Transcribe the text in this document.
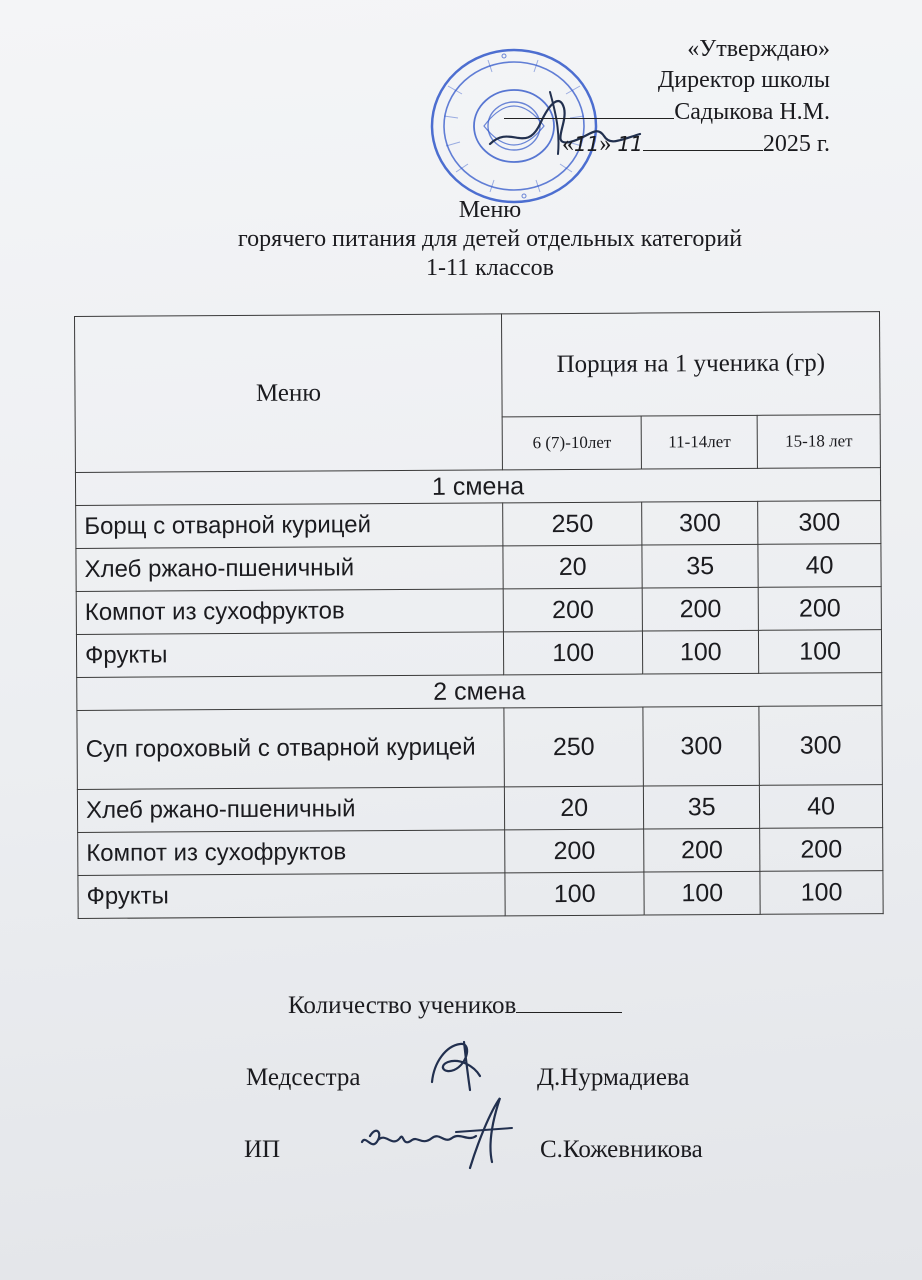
«Утверждаю»
Директор школы
Садыкова Н.М.
«11» 11	2025 г.
Меню
горячего питания для детей отдельных категорий
1-11 классов
Меню	Порция на 1 ученика (гр)		
	6 (7)-10лет	11-14лет	15-18 лет
1 смена			
Борщ с отварной курицей	250	300	300
Хлеб ржано-пшеничный	20	35	40
Компот из сухофруктов	200	200	200
Фрукты	100	100	100
2 смена			
Суп гороховый с отварной курицей	250	300	300
Хлеб ржано-пшеничный	20	35	40
Компот из сухофруктов	200	200	200
Фрукты	100	100	100
Количество учеников
Медсестра	Д.Нурмадиева
ИП	С.Кожевникова
